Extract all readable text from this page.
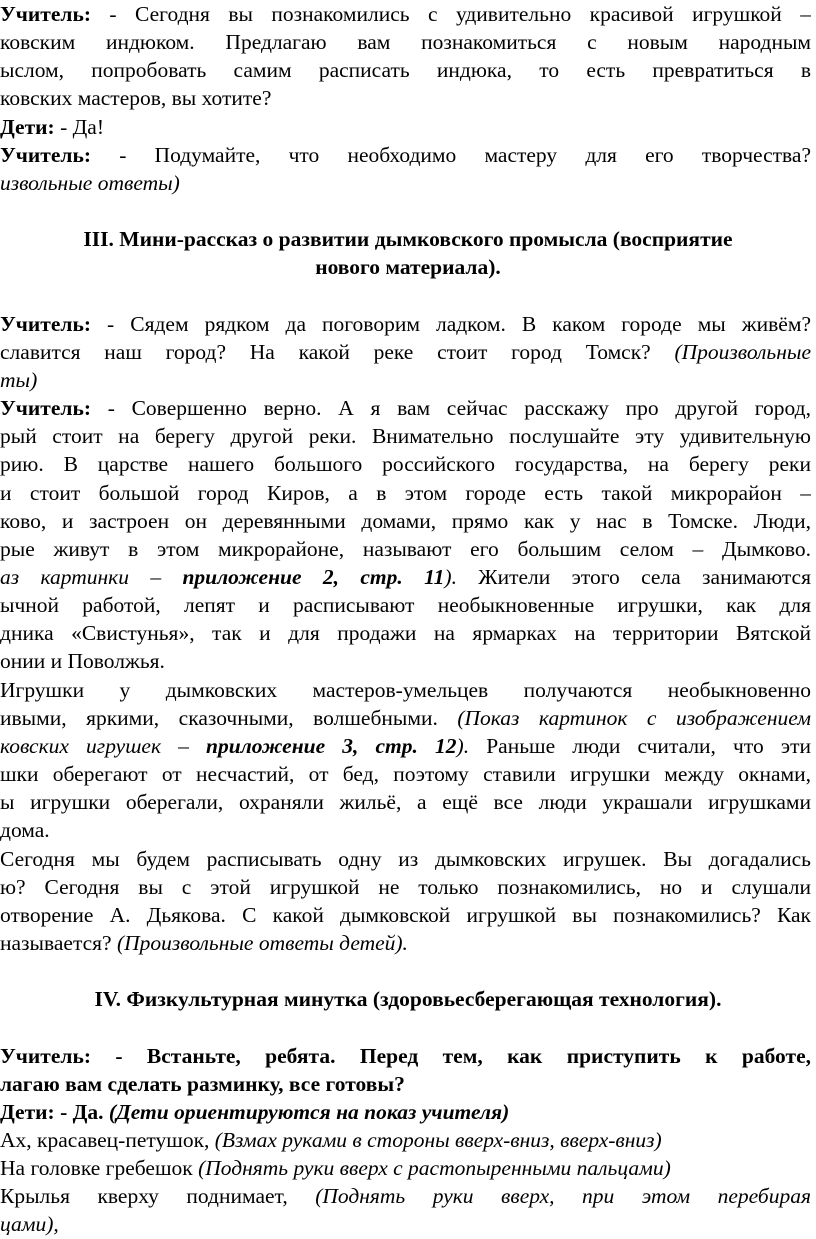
Учитель: - Сегодня вы познакомились с удивительно красивой игрушкой –
ковским индюком. Предлагаю вам познакомиться с новым народным
ыслом, попробовать самим расписать индюка, то есть превратиться в
ковских мастеров, вы хотите?
Дети: - Да!
Учитель: - Подумайте, что необходимо мастеру для его творчества?
извольные ответы)
III. Мини-рассказ о развитии дымковского промысла (восприятие
нового материала).
Учитель: - Сядем рядком да поговорим ладком. В каком городе мы живём?
славится наш город? На какой реке стоит город Томск? (Произвольные
ты)
Учитель: - Совершенно верно. А я вам сейчас расскажу про другой город,
рый стоит на берегу другой реки. Внимательно послушайте эту удивительную
рию. В царстве нашего большого российского государства, на берегу реки
и стоит большой город Киров, а в этом городе есть такой микрорайон –
ково, и застроен он деревянными домами, прямо как у нас в Томске. Люди,
рые живут в этом микрорайоне, называют его большим селом – Дымково.
аз картинки – приложение 2, стр. 11). Жители этого села занимаются
ычной работой, лепят и расписывают необыкновенные игрушки, как для
дника «Свистунья», так и для продажи на ярмарках на территории Вятской
онии и Поволжья.
Игрушки у дымковских мастеров-умельцев получаются необыкновенно
ивыми, яркими, сказочными, волшебными. (Показ картинок с изображением
ковских игрушек – приложение 3, стр. 12). Раньше люди считали, что эти
шки оберегают от несчастий, от бед, поэтому ставили игрушки между окнами,
ы игрушки оберегали, охраняли жильё, а ещё все люди украшали игрушками
дома.
Сегодня мы будем расписывать одну из дымковских игрушек. Вы догадались
ю? Сегодня вы с этой игрушкой не только познакомились, но и слушали
отворение А. Дьякова. С какой дымковской игрушкой вы познакомились? Как
называется? (Произвольные ответы детей).
IV. Физкультурная минутка (здоровьесберегающая технология).
Учитель: - Встаньте, ребята. Перед тем, как приступить к работе,
лагаю вам сделать разминку, все готовы?
Дети: - Да. (Дети ориентируются на показ учителя)
Ах, красавец-петушок, (Взмах руками в стороны вверх-вниз, вверх-вниз)
На головке гребешок (Поднять руки вверх с растопыренными пальцами)
Крылья кверху поднимает, (Поднять руки вверх, при этом перебирая
цами),
